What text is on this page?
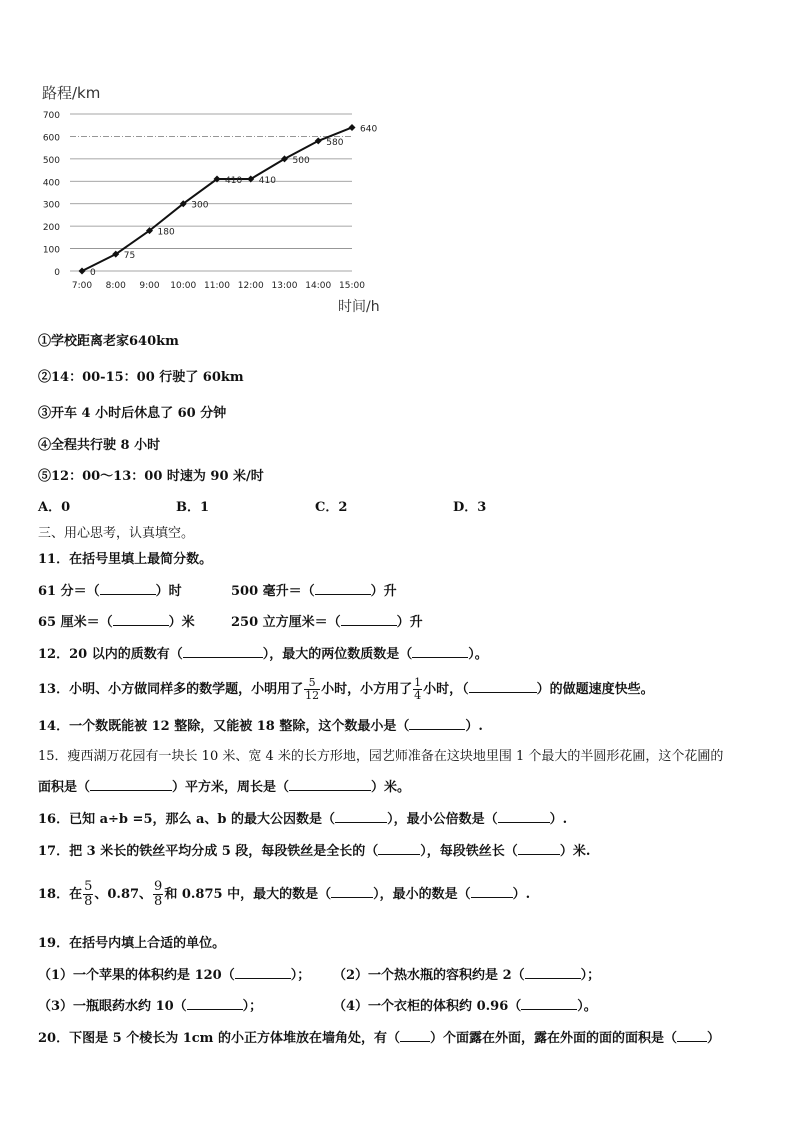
路程/km
0
100
200
300
400
500
600
700
7:00 8:00 9:00 10:00 11:00 12:00 13:00 14:00 15:00
时间/h
0
75
180
300
410 410
500
580
640
①学校距离老家640km
②14：00-15：00 行驶了 60km
③开车 4 小时后休息了 60 分钟
④全程共行驶 8 小时
⑤12：00～13：00 时速为 90 米/时
A．0	B．1	C．2	D．3
三、用心思考，认真填空。
11．在括号里填上最简分数。
61 分＝（	）时	500 毫升＝（	）升
65 厘米＝（	）米	250 立方厘米＝（	）升
12．20 以内的质数有（	），最大的两位数质数是（	）。
13．小明、小方做同样多的数学题，小明用了 $\frac{5}{12}$ 小时，小方用了 $\frac{1}{4}$ 小时，（	）的做题速度快些。
14．一个数既能被 12 整除，又能被 18 整除，这个数最小是（	）.
15．瘦西湖万花园有一块长 10 米、宽 4 米的长方形地，园艺师准备在这块地里围 1 个最大的半圆形花圃，这个花圃的
面积是（	）平方米，周长是（	）米。
16．已知 a÷b =5，那么 a、b 的最大公因数是（	），最小公倍数是（	）.
17．把 3 米长的铁丝平均分成 5 段，每段铁丝是全长的（	），每段铁丝长（	）米.
18．在 $\frac{5}{8}$ 、0.87、 $\frac{9}{8}$ 和 0.875 中，最大的数是（	），最小的数是（	）.
19．在括号内填上合适的单位。
（1）一个苹果的体积约是 120（	）； （2）一个热水瓶的容积约是 2（	）；
（3）一瓶眼药水约 10（	）；	（4）一个衣柜的体积约 0.96（	）。
20．下图是 5 个棱长为 1cm 的小正方体堆放在墙角处，有（ ）个面露在外面，露在外面的面的面积是（ ）
